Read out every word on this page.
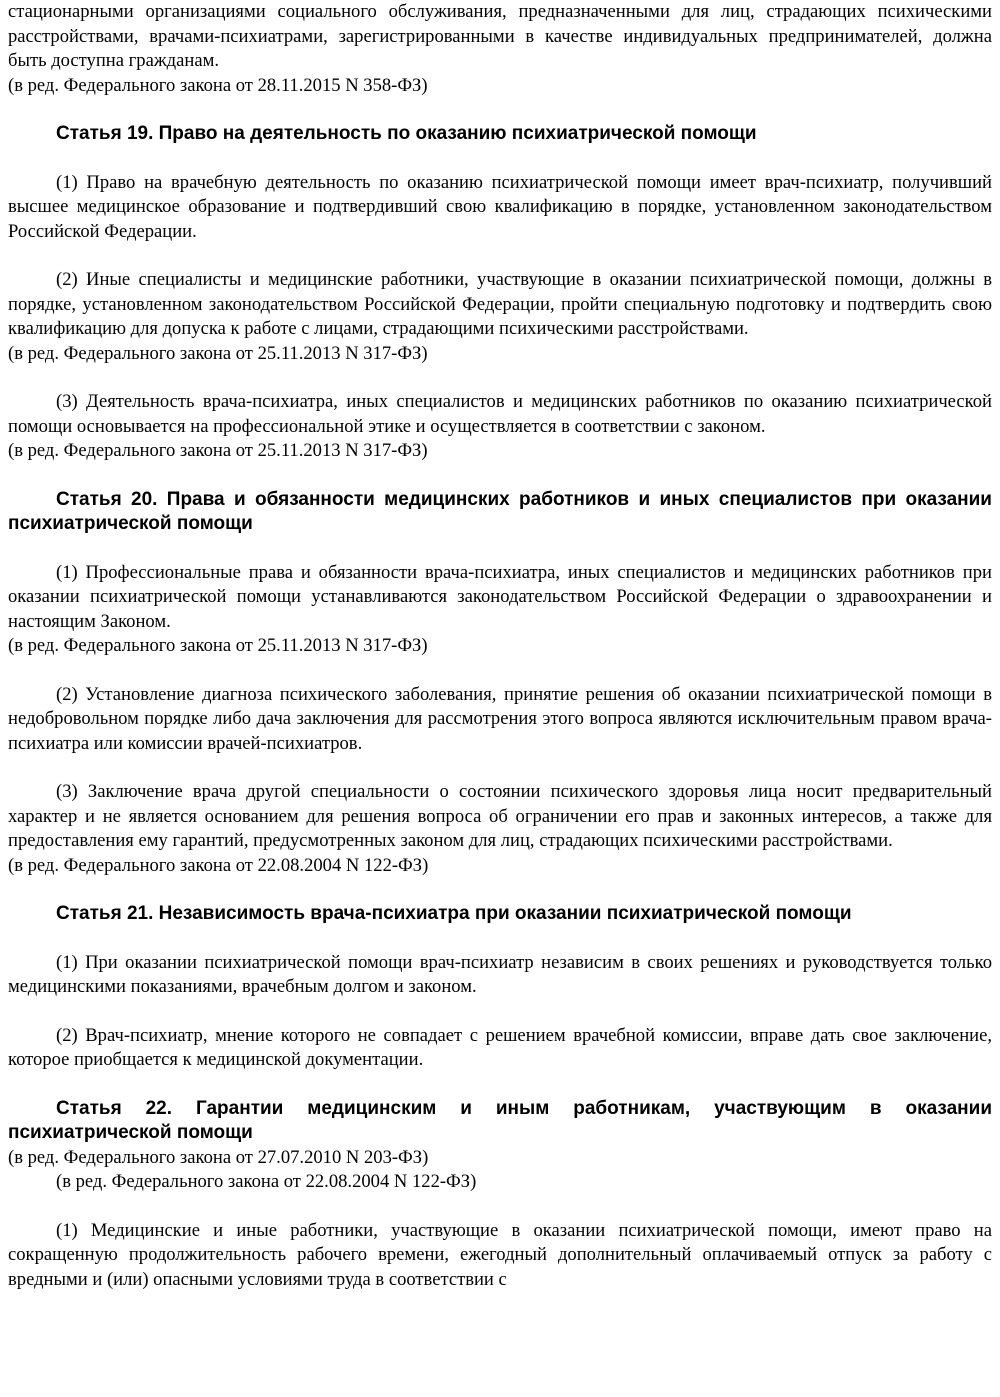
стационарными организациями социального обслуживания, предназначенными для лиц, страдающих психическими расстройствами, врачами-психиатрами, зарегистрированными в качестве индивидуальных предпринимателей, должна быть доступна гражданам.

(в ред. Федерального закона от 28.11.2015 N 358-ФЗ)

Статья 19. Право на деятельность по оказанию психиатрической помощи

(1) Право на врачебную деятельность по оказанию психиатрической помощи имеет врач-психиатр, получивший высшее медицинское образование и подтвердивший свою квалификацию в порядке, установленном законодательством Российской Федерации.

(2) Иные специалисты и медицинские работники, участвующие в оказании психиатрической помощи, должны в порядке, установленном законодательством Российской Федерации, пройти специальную подготовку и подтвердить свою квалификацию для допуска к работе с лицами, страдающими психическими расстройствами.

(в ред. Федерального закона от 25.11.2013 N 317-ФЗ)

(3) Деятельность врача-психиатра, иных специалистов и медицинских работников по оказанию психиатрической помощи основывается на профессиональной этике и осуществляется в соответствии с законом.

(в ред. Федерального закона от 25.11.2013 N 317-ФЗ)

Статья 20. Права и обязанности медицинских работников и иных специалистов при оказании психиатрической помощи

(1) Профессиональные права и обязанности врача-психиатра, иных специалистов и медицинских работников при оказании психиатрической помощи устанавливаются законодательством Российской Федерации о здравоохранении и настоящим Законом.

(в ред. Федерального закона от 25.11.2013 N 317-ФЗ)

(2) Установление диагноза психического заболевания, принятие решения об оказании психиатрической помощи в недобровольном порядке либо дача заключения для рассмотрения этого вопроса являются исключительным правом врача-психиатра или комиссии врачей-психиатров.

(3) Заключение врача другой специальности о состоянии психического здоровья лица носит предварительный характер и не является основанием для решения вопроса об ограничении его прав и законных интересов, а также для предоставления ему гарантий, предусмотренных законом для лиц, страдающих психическими расстройствами.

(в ред. Федерального закона от 22.08.2004 N 122-ФЗ)

Статья 21. Независимость врача-психиатра при оказании психиатрической помощи

(1) При оказании психиатрической помощи врач-психиатр независим в своих решениях и руководствуется только медицинскими показаниями, врачебным долгом и законом.

(2) Врач-психиатр, мнение которого не совпадает с решением врачебной комиссии, вправе дать свое заключение, которое приобщается к медицинской документации.

Статья 22. Гарантии медицинским и иным работникам, участвующим в оказании психиатрической помощи

(в ред. Федерального закона от 27.07.2010 N 203-ФЗ)

(в ред. Федерального закона от 22.08.2004 N 122-ФЗ)

(1) Медицинские и иные работники, участвующие в оказании психиатрической помощи, имеют право на сокращенную продолжительность рабочего времени, ежегодный дополнительный оплачиваемый отпуск за работу с вредными и (или) опасными условиями труда в соответствии с
